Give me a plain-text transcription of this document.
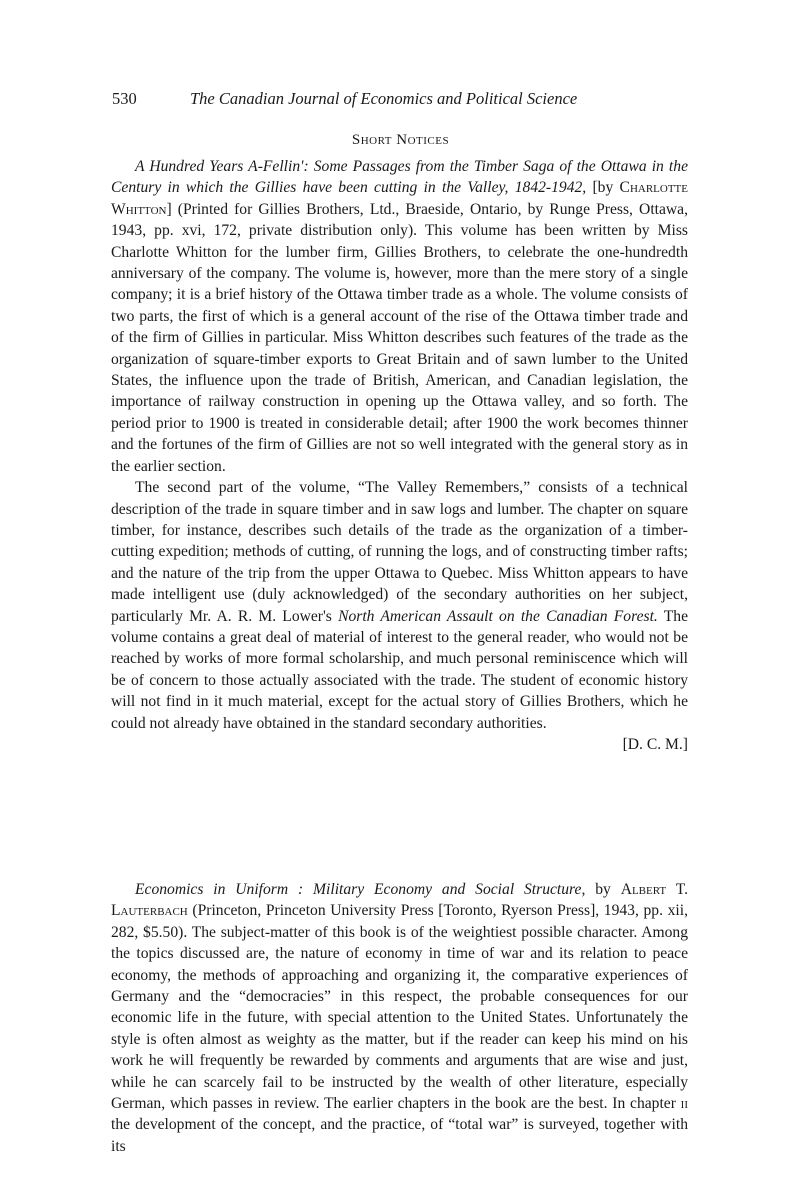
530	The Canadian Journal of Economics and Political Science
Short Notices

A Hundred Years A-Fellin': Some Passages from the Timber Saga of the Ottawa in the Century in which the Gillies have been cutting in the Valley, 1842-1942, [by Charlotte Whitton] (Printed for Gillies Brothers, Ltd., Braeside, Ontario, by Runge Press, Ottawa, 1943, pp. xvi, 172, private distribution only). This volume has been written by Miss Charlotte Whitton for the lumber firm, Gillies Brothers, to celebrate the one-hundredth anniversary of the company. The volume is, however, more than the mere story of a single company; it is a brief history of the Ottawa timber trade as a whole. The volume consists of two parts, the first of which is a general account of the rise of the Ottawa timber trade and of the firm of Gillies in particular. Miss Whitton describes such features of the trade as the organization of square-timber exports to Great Britain and of sawn lumber to the United States, the influence upon the trade of British, American, and Canadian legislation, the importance of railway construction in opening up the Ottawa valley, and so forth. The period prior to 1900 is treated in considerable detail; after 1900 the work becomes thinner and the fortunes of the firm of Gillies are not so well integrated with the general story as in the earlier section.

The second part of the volume, “The Valley Remembers,” consists of a technical description of the trade in square timber and in saw logs and lumber. The chapter on square timber, for instance, describes such details of the trade as the organization of a timber-cutting expedition; methods of cutting, of running the logs, and of constructing timber rafts; and the nature of the trip from the upper Ottawa to Quebec. Miss Whitton appears to have made intelligent use (duly acknowledged) of the secondary authorities on her subject, particularly Mr. A. R. M. Lower's North American Assault on the Canadian Forest. The volume contains a great deal of material of interest to the general reader, who would not be reached by works of more formal scholarship, and much personal reminiscence which will be of concern to those actually associated with the trade. The student of economic history will not find in it much material, except for the actual story of Gillies Brothers, which he could not already have obtained in the standard secondary authorities.

[D. C. M.]

Economics in Uniform : Military Economy and Social Structure, by Albert T. Lauterbach (Princeton, Princeton University Press [Toronto, Ryerson Press], 1943, pp. xii, 282, $5.50). The subject-matter of this book is of the weightiest possible character. Among the topics discussed are, the nature of economy in time of war and its relation to peace economy, the methods of approaching and organizing it, the comparative experiences of Germany and the “democracies” in this respect, the probable consequences for our economic life in the future, with special attention to the United States. Unfortunately the style is often almost as weighty as the matter, but if the reader can keep his mind on his work he will frequently be rewarded by comments and arguments that are wise and just, while he can scarcely fail to be instructed by the wealth of other literature, especially German, which passes in review. The earlier chapters in the book are the best. In chapter ii the development of the concept, and the practice, of “total war” is surveyed, together with its
